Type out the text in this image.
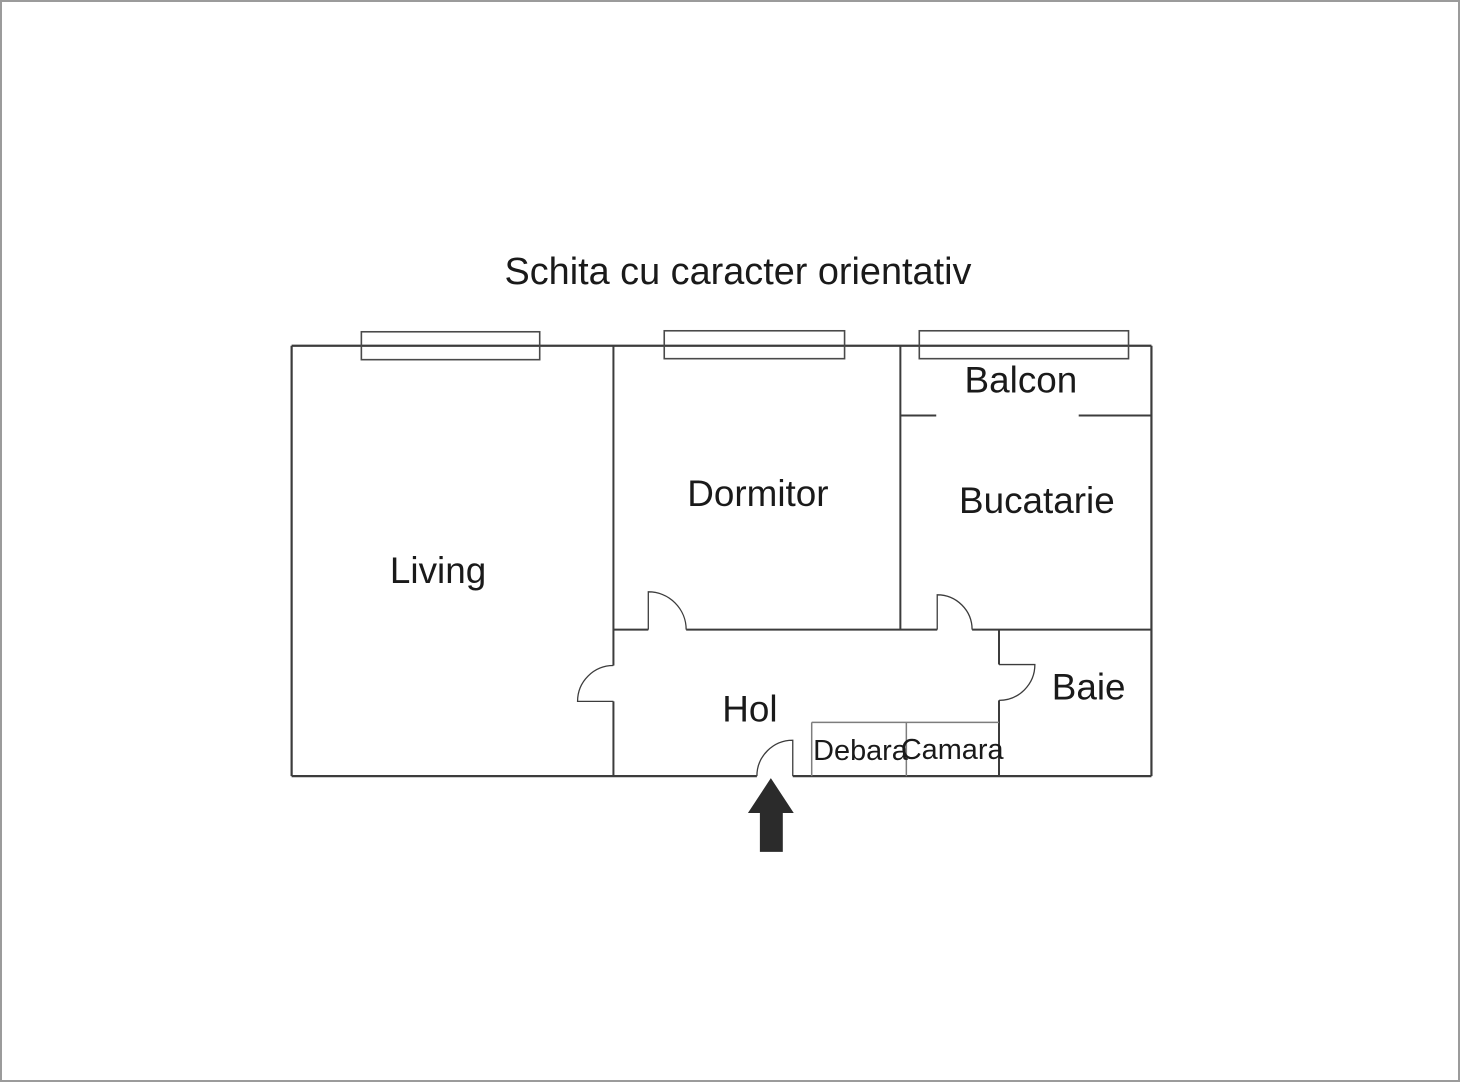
Schita cu caracter orientativ
Living
Dormitor
Balcon
Bucatarie
Hol
Baie
Debara
Camara
